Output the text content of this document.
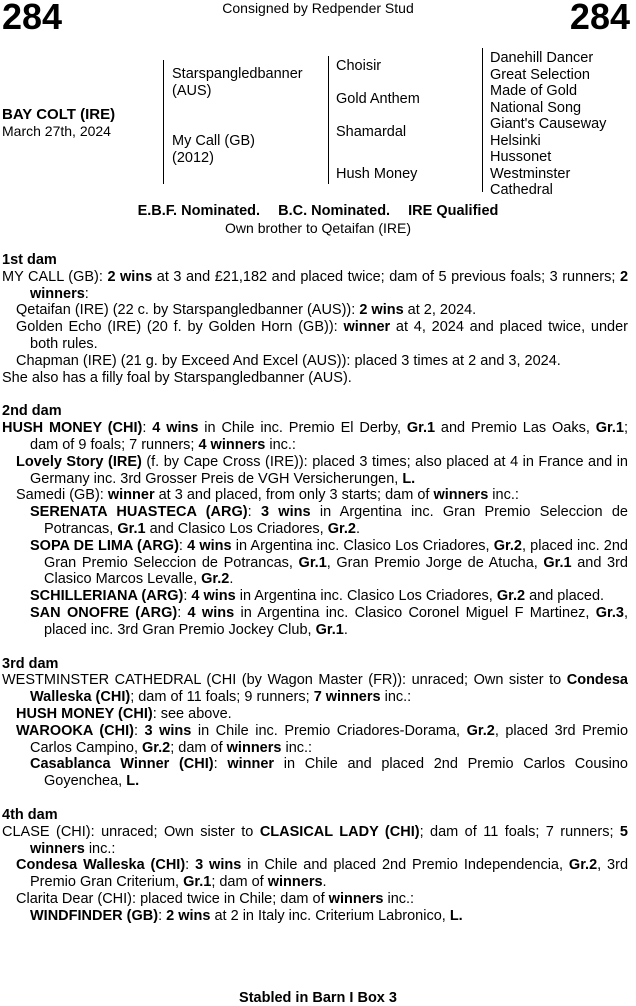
284	Consigned by Redpender Stud	284
BAY COLT (IRE)
March 27th, 2024
Starspangledbanner
(AUS)
My Call (GB)
(2012)
Choisir
Gold Anthem
Shamardal
Hush Money
Danehill Dancer
Great Selection
Made of Gold
National Song
Giant's Causeway
Helsinki
Hussonet
Westminster
Cathedral
E.B.F. Nominated. B.C. Nominated. IRE Qualified
Own brother to Qetaifan (IRE)
1st dam
MY CALL (GB): 2 wins at 3 and £21,182 and placed twice; dam of 5 previous foals; 3 runners; 2 winners:
Qetaifan (IRE) (22 c. by Starspangledbanner (AUS)): 2 wins at 2, 2024.
Golden Echo (IRE) (20 f. by Golden Horn (GB)): winner at 4, 2024 and placed twice, under both rules.
Chapman (IRE) (21 g. by Exceed And Excel (AUS)): placed 3 times at 2 and 3, 2024.
She also has a filly foal by Starspangledbanner (AUS).
2nd dam
HUSH MONEY (CHI): 4 wins in Chile inc. Premio El Derby, Gr.1 and Premio Las Oaks, Gr.1; dam of 9 foals; 7 runners; 4 winners inc.:
Lovely Story (IRE) (f. by Cape Cross (IRE)): placed 3 times; also placed at 4 in France and in Germany inc. 3rd Grosser Preis de VGH Versicherungen, L.
Samedi (GB): winner at 3 and placed, from only 3 starts; dam of winners inc.:
SERENATA HUASTECA (ARG): 3 wins in Argentina inc. Gran Premio Seleccion de Potrancas, Gr.1 and Clasico Los Criadores, Gr.2.
SOPA DE LIMA (ARG): 4 wins in Argentina inc. Clasico Los Criadores, Gr.2, placed inc. 2nd Gran Premio Seleccion de Potrancas, Gr.1, Gran Premio Jorge de Atucha, Gr.1 and 3rd Clasico Marcos Levalle, Gr.2.
SCHILLERIANA (ARG): 4 wins in Argentina inc. Clasico Los Criadores, Gr.2 and placed.
SAN ONOFRE (ARG): 4 wins in Argentina inc. Clasico Coronel Miguel F Martinez, Gr.3, placed inc. 3rd Gran Premio Jockey Club, Gr.1.
3rd dam
WESTMINSTER CATHEDRAL (CHI (by Wagon Master (FR)): unraced; Own sister to Condesa Walleska (CHI); dam of 11 foals; 9 runners; 7 winners inc.:
HUSH MONEY (CHI): see above.
WAROOKA (CHI): 3 wins in Chile inc. Premio Criadores-Dorama, Gr.2, placed 3rd Premio Carlos Campino, Gr.2; dam of winners inc.:
Casablanca Winner (CHI): winner in Chile and placed 2nd Premio Carlos Cousino Goyenchea, L.
4th dam
CLASE (CHI): unraced; Own sister to CLASICAL LADY (CHI); dam of 11 foals; 7 runners; 5 winners inc.:
Condesa Walleska (CHI): 3 wins in Chile and placed 2nd Premio Independencia, Gr.2, 3rd Premio Gran Criterium, Gr.1; dam of winners.
Clarita Dear (CHI): placed twice in Chile; dam of winners inc.:
WINDFINDER (GB): 2 wins at 2 in Italy inc. Criterium Labronico, L.
Stabled in Barn I Box 3
